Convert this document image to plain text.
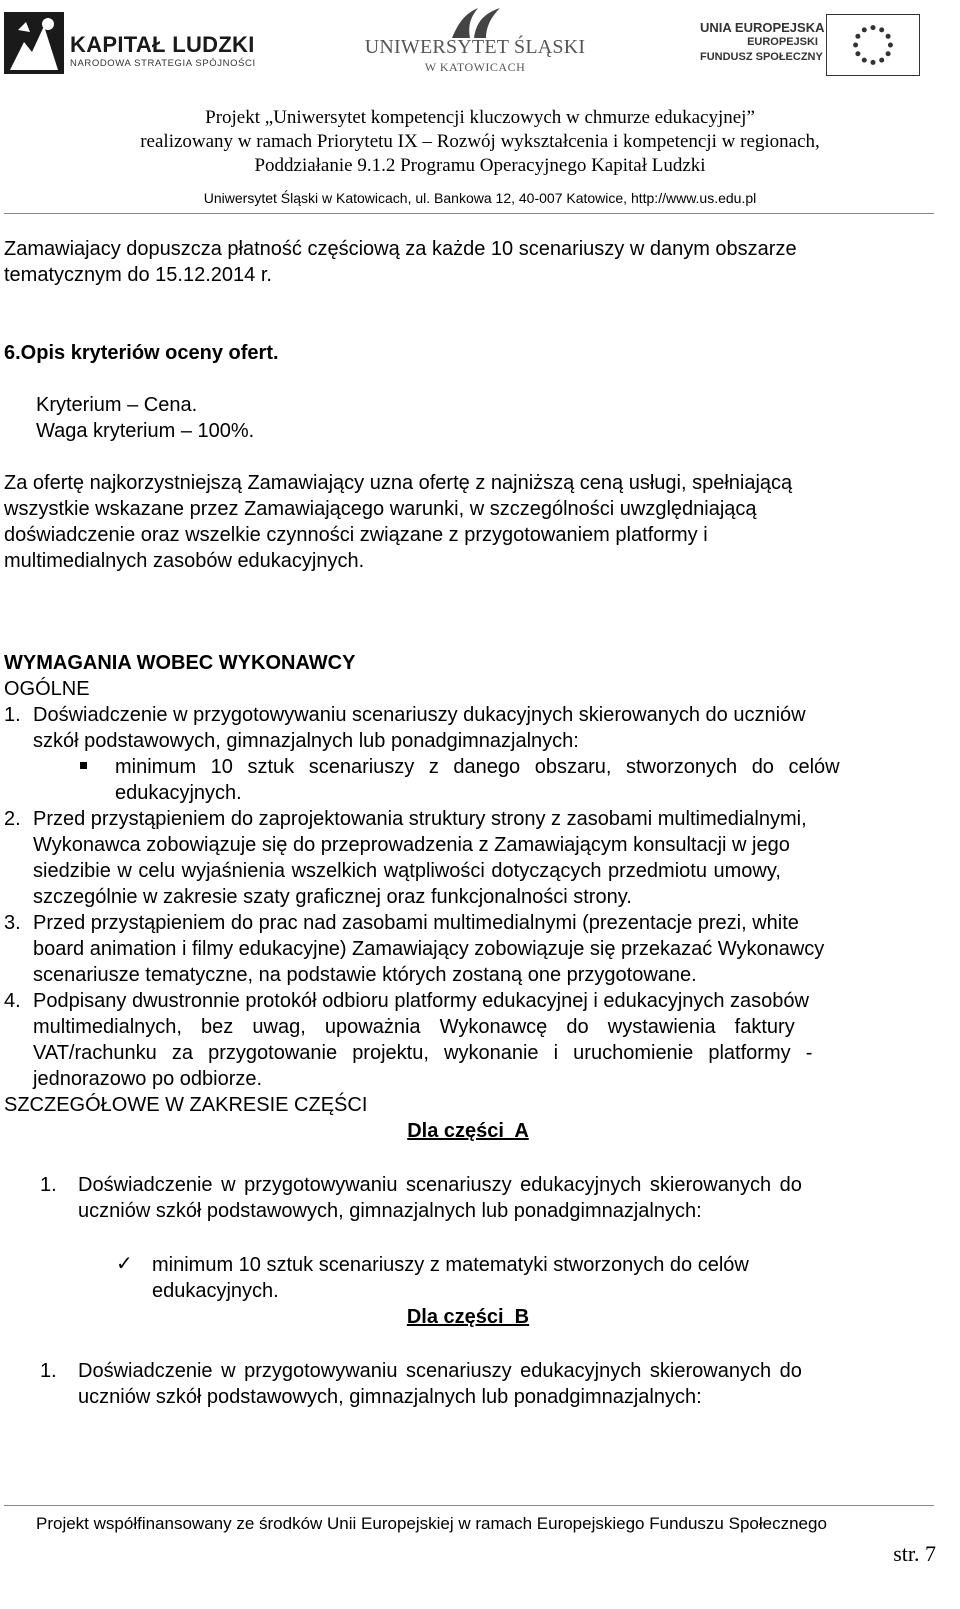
KAPITAŁ LUDZKI
NARODOWA STRATEGIA SPÓJNOŚCI
UNIWERSYTET ŚLĄSKI
W KATOWICACH
UNIA EUROPEJSKA
EUROPEJSKI
FUNDUSZ SPOŁECZNY
Projekt „Uniwersytet kompetencji kluczowych w chmurze edukacyjnej”
realizowany w ramach Priorytetu IX – Rozwój wykształcenia i kompetencji w regionach,
Poddziałanie 9.1.2 Programu Operacyjnego Kapitał Ludzki
Uniwersytet Śląski w Katowicach, ul. Bankowa 12, 40-007 Katowice, http://www.us.edu.pl
Zamawiajacy dopuszcza płatność częściową za każde 10 scenariuszy w danym obszarze
tematycznym do 15.12.2014 r.
6.Opis kryteriów oceny ofert.
Kryterium – Cena.
Waga kryterium – 100%.
Za ofertę najkorzystniejszą Zamawiający uzna ofertę z najniższą ceną usługi, spełniającą
wszystkie wskazane przez Zamawiającego warunki, w szczególności uwzględniającą
doświadczenie oraz wszelkie czynności związane z przygotowaniem platformy i
multimedialnych zasobów edukacyjnych.
WYMAGANIA WOBEC WYKONAWCY
OGÓLNE
1. Doświadczenie w przygotowywaniu scenariuszy dukacyjnych skierowanych do uczniów
szkół podstawowych, gimnazjalnych lub ponadgimnazjalnych:
minimum 10 sztuk scenariuszy z danego obszaru, stworzonych do celów
edukacyjnych.
2. Przed przystąpieniem do zaprojektowania struktury strony z zasobami multimedialnymi,
Wykonawca zobowiązuje się do przeprowadzenia z Zamawiającym konsultacji w jego
siedzibie w celu wyjaśnienia wszelkich wątpliwości dotyczących przedmiotu umowy,
szczególnie w zakresie szaty graficznej oraz funkcjonalności strony.
3. Przed przystąpieniem do prac nad zasobami multimedialnymi (prezentacje prezi, white
board animation i filmy edukacyjne) Zamawiający zobowiązuje się przekazać Wykonawcy
scenariusze tematyczne, na podstawie których zostaną one przygotowane.
4. Podpisany dwustronnie protokół odbioru platformy edukacyjnej i edukacyjnych zasobów
multimedialnych,  bez  uwag,  upoważnia  Wykonawcę  do  wystawienia  faktury
VAT/rachunku  za  przygotowanie  projektu,  wykonanie  i  uruchomienie  platformy  -
jednorazowo po odbiorze.
SZCZEGÓŁOWE W ZAKRESIE CZĘŚCI
Dla części  A
1. Doświadczenie w przygotowywaniu scenariuszy edukacyjnych skierowanych do
uczniów szkół podstawowych, gimnazjalnych lub ponadgimnazjalnych:
✓ minimum 10 sztuk scenariuszy z matematyki stworzonych do celów
edukacyjnych.
Dla części  B
1. Doświadczenie w przygotowywaniu scenariuszy edukacyjnych skierowanych do
uczniów szkół podstawowych, gimnazjalnych lub ponadgimnazjalnych:
Projekt współfinansowany ze środków Unii Europejskiej w ramach Europejskiego Funduszu Społecznego
str. 7
